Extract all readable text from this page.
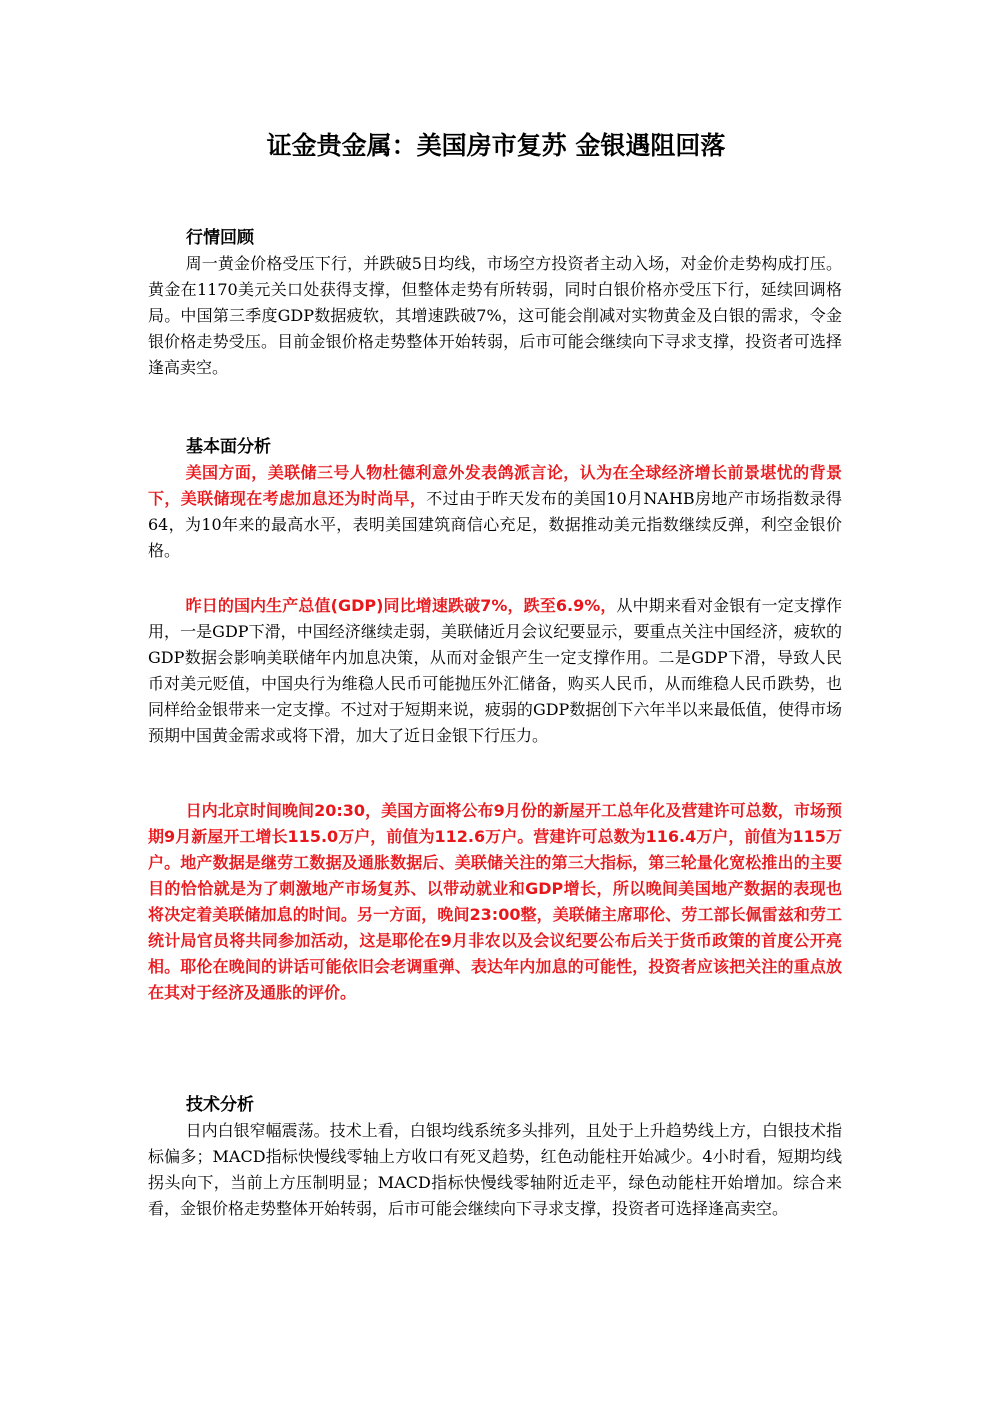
证金贵金属：美国房市复苏 金银遇阻回落
行情回顾

周一黄金价格受压下行，并跌破5日均线，市场空方投资者主动入场，对金价走势构成打压。黄金在1170美元关口处获得支撑，但整体走势有所转弱，同时白银价格亦受压下行，延续回调格局。中国第三季度GDP数据疲软，其增速跌破7%，这可能会削减对实物黄金及白银的需求，令金银价格走势受压。目前金银价格走势整体开始转弱，后市可能会继续向下寻求支撑，投资者可选择逢高卖空。

基本面分析

美国方面，美联储三号人物杜德利意外发表鸽派言论，认为在全球经济增长前景堪忧的背景下，美联储现在考虑加息还为时尚早，不过由于昨天发布的美国10月NAHB房地产市场指数录得64，为10年来的最高水平，表明美国建筑商信心充足，数据推动美元指数继续反弹，利空金银价格。

昨日的国内生产总值(GDP)同比增速跌破7%，跌至6.9%，从中期来看对金银有一定支撑作用，一是GDP下滑，中国经济继续走弱，美联储近月会议纪要显示，要重点关注中国经济，疲软的GDP数据会影响美联储年内加息决策，从而对金银产生一定支撑作用。二是GDP下滑，导致人民币对美元贬值，中国央行为维稳人民币可能抛压外汇储备，购买人民币，从而维稳人民币跌势，也同样给金银带来一定支撑。不过对于短期来说，疲弱的GDP数据创下六年半以来最低值，使得市场预期中国黄金需求或将下滑，加大了近日金银下行压力。

日内北京时间晚间20:30，美国方面将公布9月份的新屋开工总年化及营建许可总数，市场预期9月新屋开工增长115.0万户，前值为112.6万户。营建许可总数为116.4万户，前值为115万户。地产数据是继劳工数据及通胀数据后、美联储关注的第三大指标，第三轮量化宽松推出的主要目的恰恰就是为了刺激地产市场复苏、以带动就业和GDP增长，所以晚间美国地产数据的表现也将决定着美联储加息的时间。另一方面，晚间23:00整，美联储主席耶伦、劳工部长佩雷兹和劳工统计局官员将共同参加活动，这是耶伦在9月非农以及会议纪要公布后关于货币政策的首度公开亮相。耶伦在晚间的讲话可能依旧会老调重弹、表达年内加息的可能性，投资者应该把关注的重点放在其对于经济及通胀的评价。

技术分析

日内白银窄幅震荡。技术上看，白银均线系统多头排列，且处于上升趋势线上方，白银技术指标偏多；MACD指标快慢线零轴上方收口有死叉趋势，红色动能柱开始减少。4小时看，短期均线拐头向下，当前上方压制明显；MACD指标快慢线零轴附近走平，绿色动能柱开始增加。综合来看，金银价格走势整体开始转弱，后市可能会继续向下寻求支撑，投资者可选择逢高卖空。
